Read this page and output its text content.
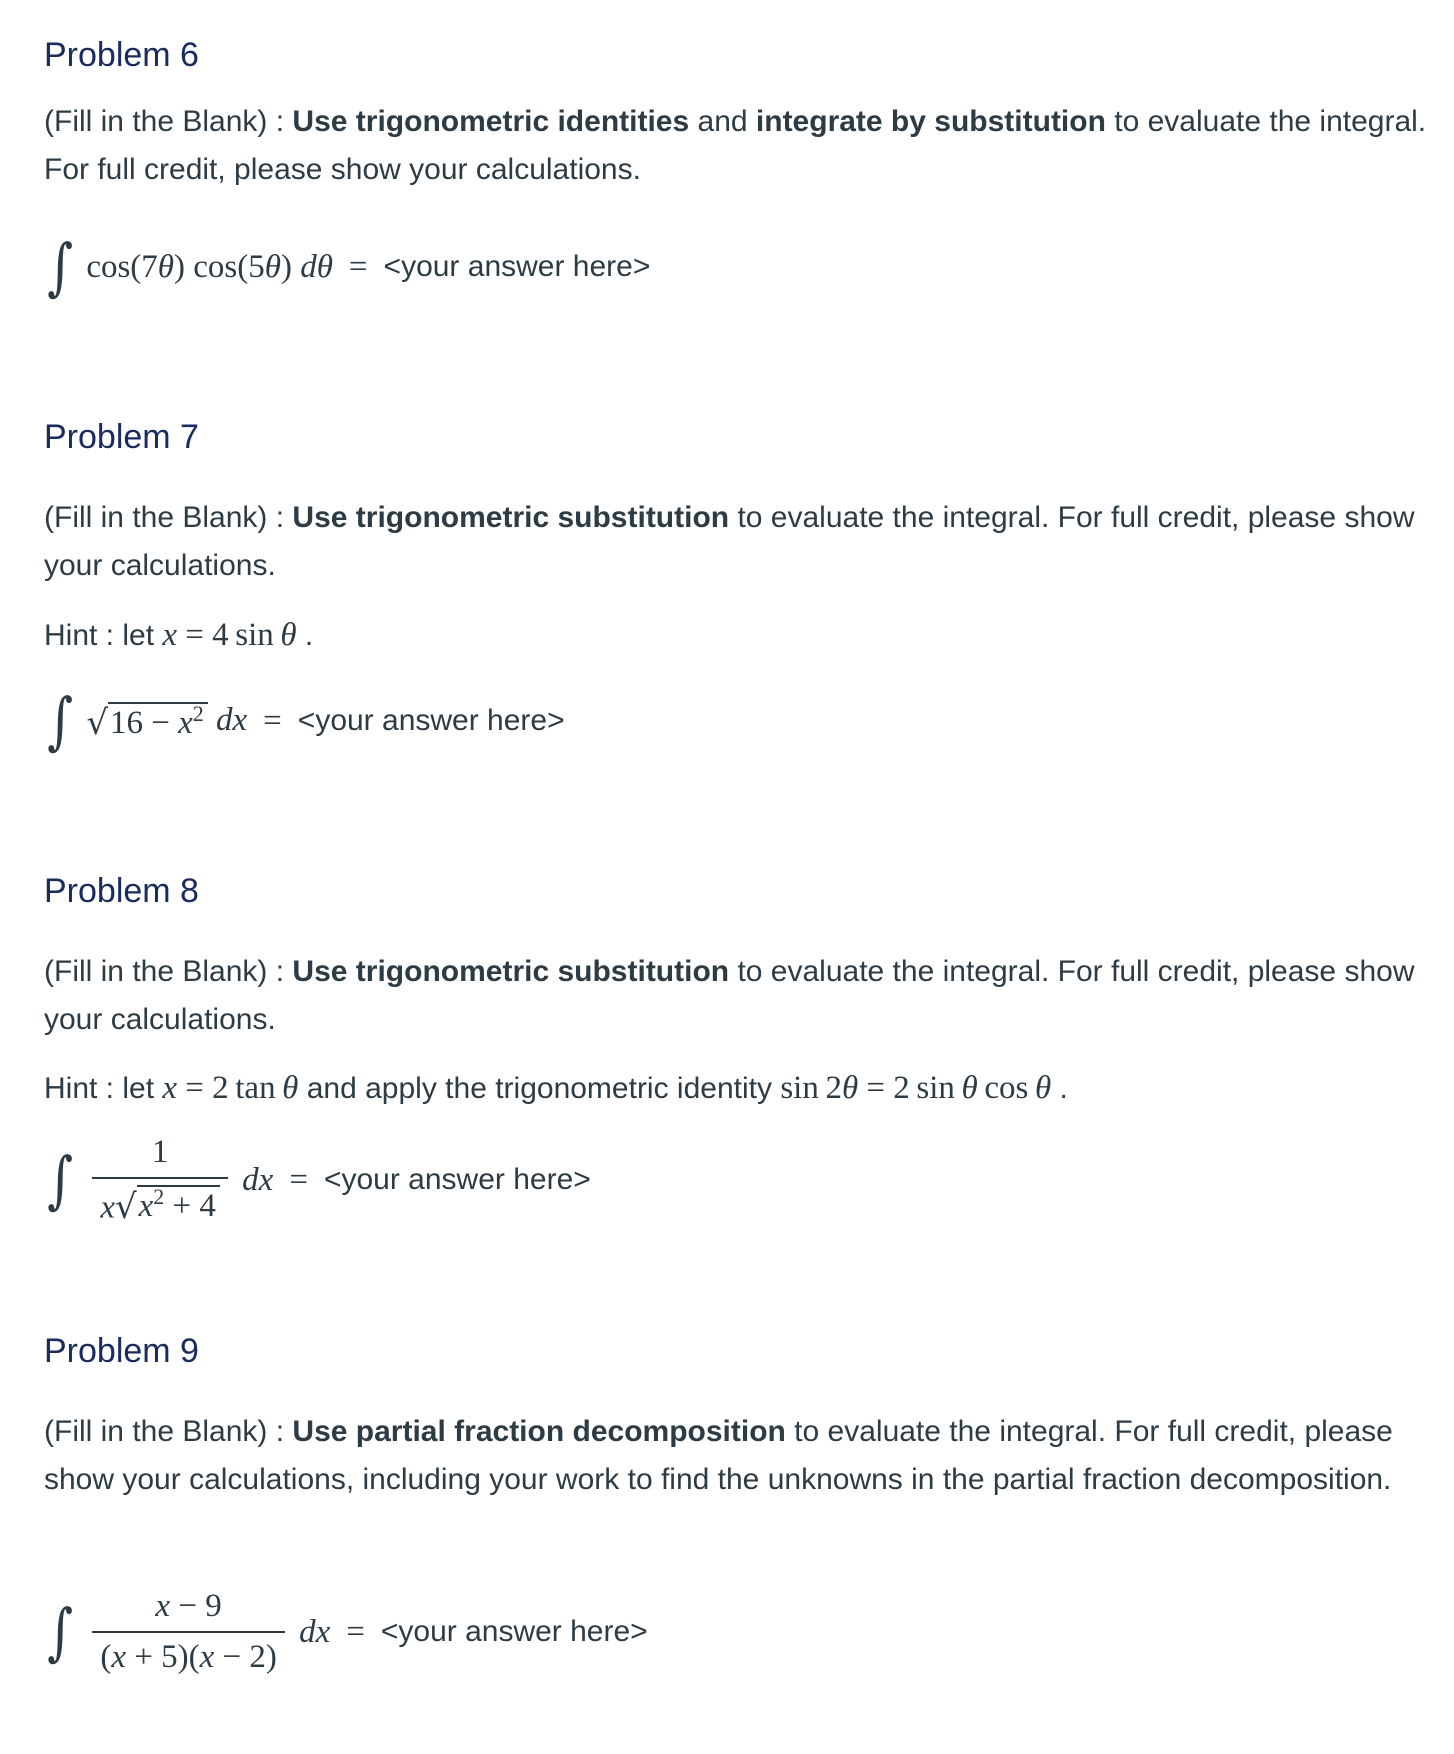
Problem 6

(Fill in the Blank) : Use trigonometric identities and integrate by substitution to evaluate the integral. For full credit, please show your calculations.

∫ cos(7 θ ) cos(5 θ ) dθ = <your answer here>
Problem 7

(Fill in the Blank) : Use trigonometric substitution to evaluate the integral. For full credit, please show your calculations.

Hint : let x = 4 sin θ .

∫ √ $16 - x^2$
dx = <your answer here>
Problem 8

(Fill in the Blank) : Use trigonometric substitution to evaluate the integral. For full credit, please show your calculations.

Hint : let x = 2 tan θ and apply the trigonometric identity sin 2θ = 2 sin θ cos θ .

∫ $\frac{1}{x √ x^2 + 4}$
dx = <your answer here>
Problem 9

(Fill in the Blank) : Use partial fraction decomposition to evaluate the integral. For full credit, please show your calculations, including your work to find the unknowns in the partial fraction decomposition.

∫ $\frac{x - 9}{(x + 5)(x - 2)}$
dx = <your answer here>
